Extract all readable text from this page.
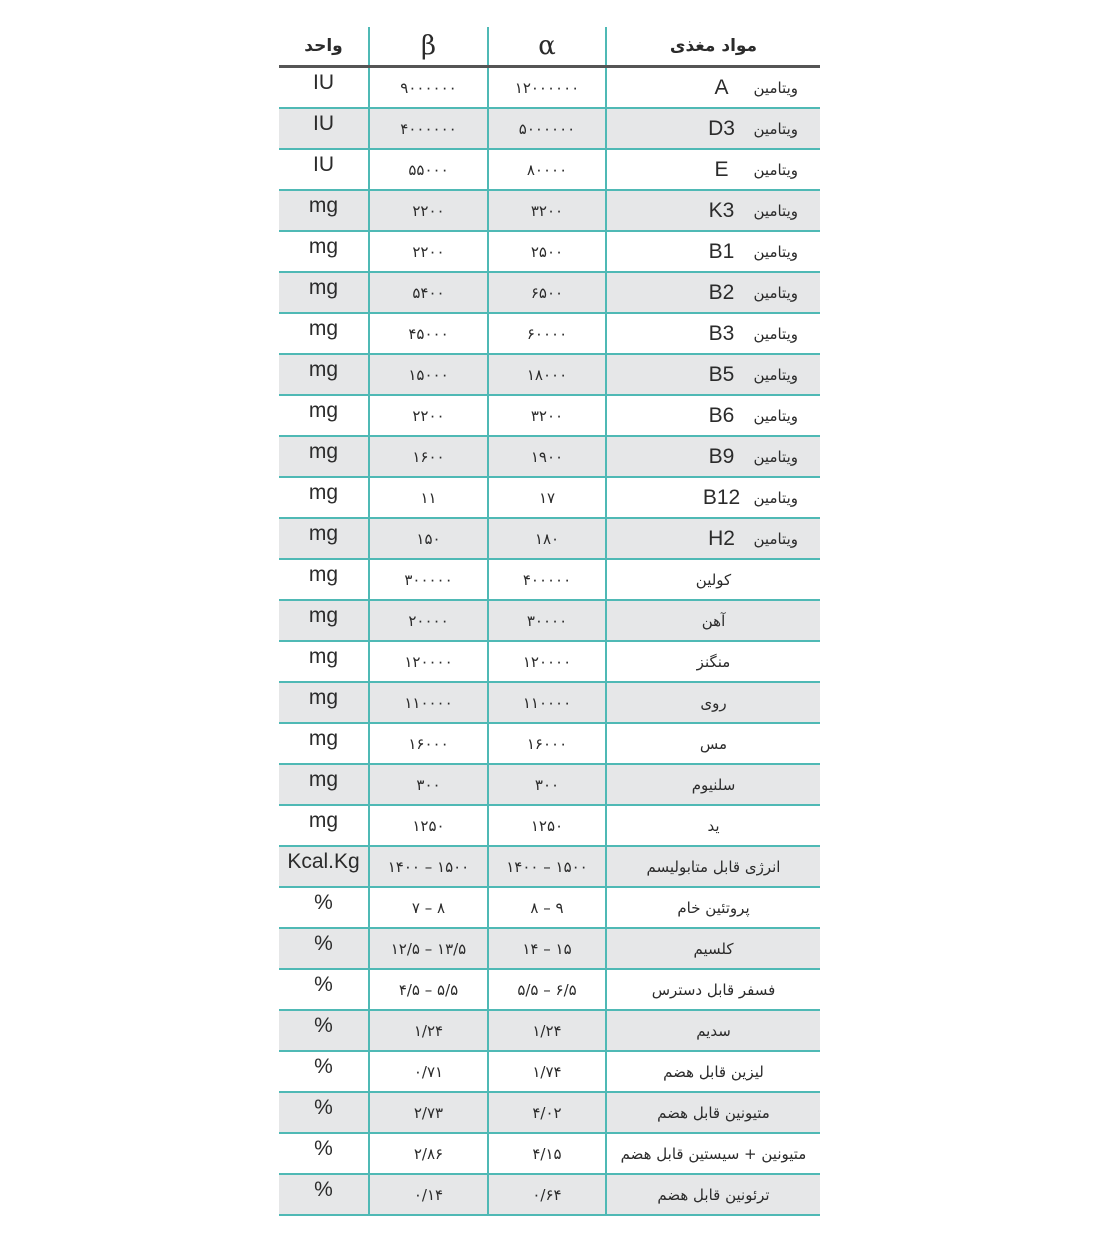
واحد	β	α	مواد مغذی
IU	۹۰۰۰۰۰۰	۱۲۰۰۰۰۰۰	ویتامینA
IU	۴۰۰۰۰۰۰	۵۰۰۰۰۰۰	ویتامینD3
IU	۵۵۰۰۰	۸۰۰۰۰	ویتامینE
mg	۲۲۰۰	۳۲۰۰	ویتامینK3
mg	۲۲۰۰	۲۵۰۰	ویتامینB1
mg	۵۴۰۰	۶۵۰۰	ویتامینB2
mg	۴۵۰۰۰	۶۰۰۰۰	ویتامینB3
mg	۱۵۰۰۰	۱۸۰۰۰	ویتامینB5
mg	۲۲۰۰	۳۲۰۰	ویتامینB6
mg	۱۶۰۰	۱۹۰۰	ویتامینB9
mg	۱۱	۱۷	ویتامینB12
mg	۱۵۰	۱۸۰	ویتامینH2
mg	۳۰۰۰۰۰	۴۰۰۰۰۰	کولین
mg	۲۰۰۰۰	۳۰۰۰۰	آهن
mg	۱۲۰۰۰۰	۱۲۰۰۰۰	منگنز
mg	۱۱۰۰۰۰	۱۱۰۰۰۰	روی
mg	۱۶۰۰۰	۱۶۰۰۰	مس
mg	۳۰۰	۳۰۰	سلنیوم
mg	۱۲۵۰	۱۲۵۰	ید
Kcal.Kg	۱۴۰۰ – ۱۵۰۰	۱۴۰۰ – ۱۵۰۰	انرژی قابل متابولیسم
%	۷ – ۸	۸ – ۹	پروتئین خام
%	۱۲/۵ – ۱۳/۵	۱۴ – ۱۵	کلسیم
%	۴/۵ – ۵/۵	۵/۵ – ۶/۵	فسفر قابل دسترس
%	۱/۲۴	۱/۲۴	سدیم
%	۰/۷۱	۱/۷۴	لیزین قابل هضم
%	۲/۷۳	۴/۰۲	متیونین قابل هضم
%	۲/۸۶	۴/۱۵	متیونین + سیستین قابل هضم
%	۰/۱۴	۰/۶۴	ترئونین قابل هضم
